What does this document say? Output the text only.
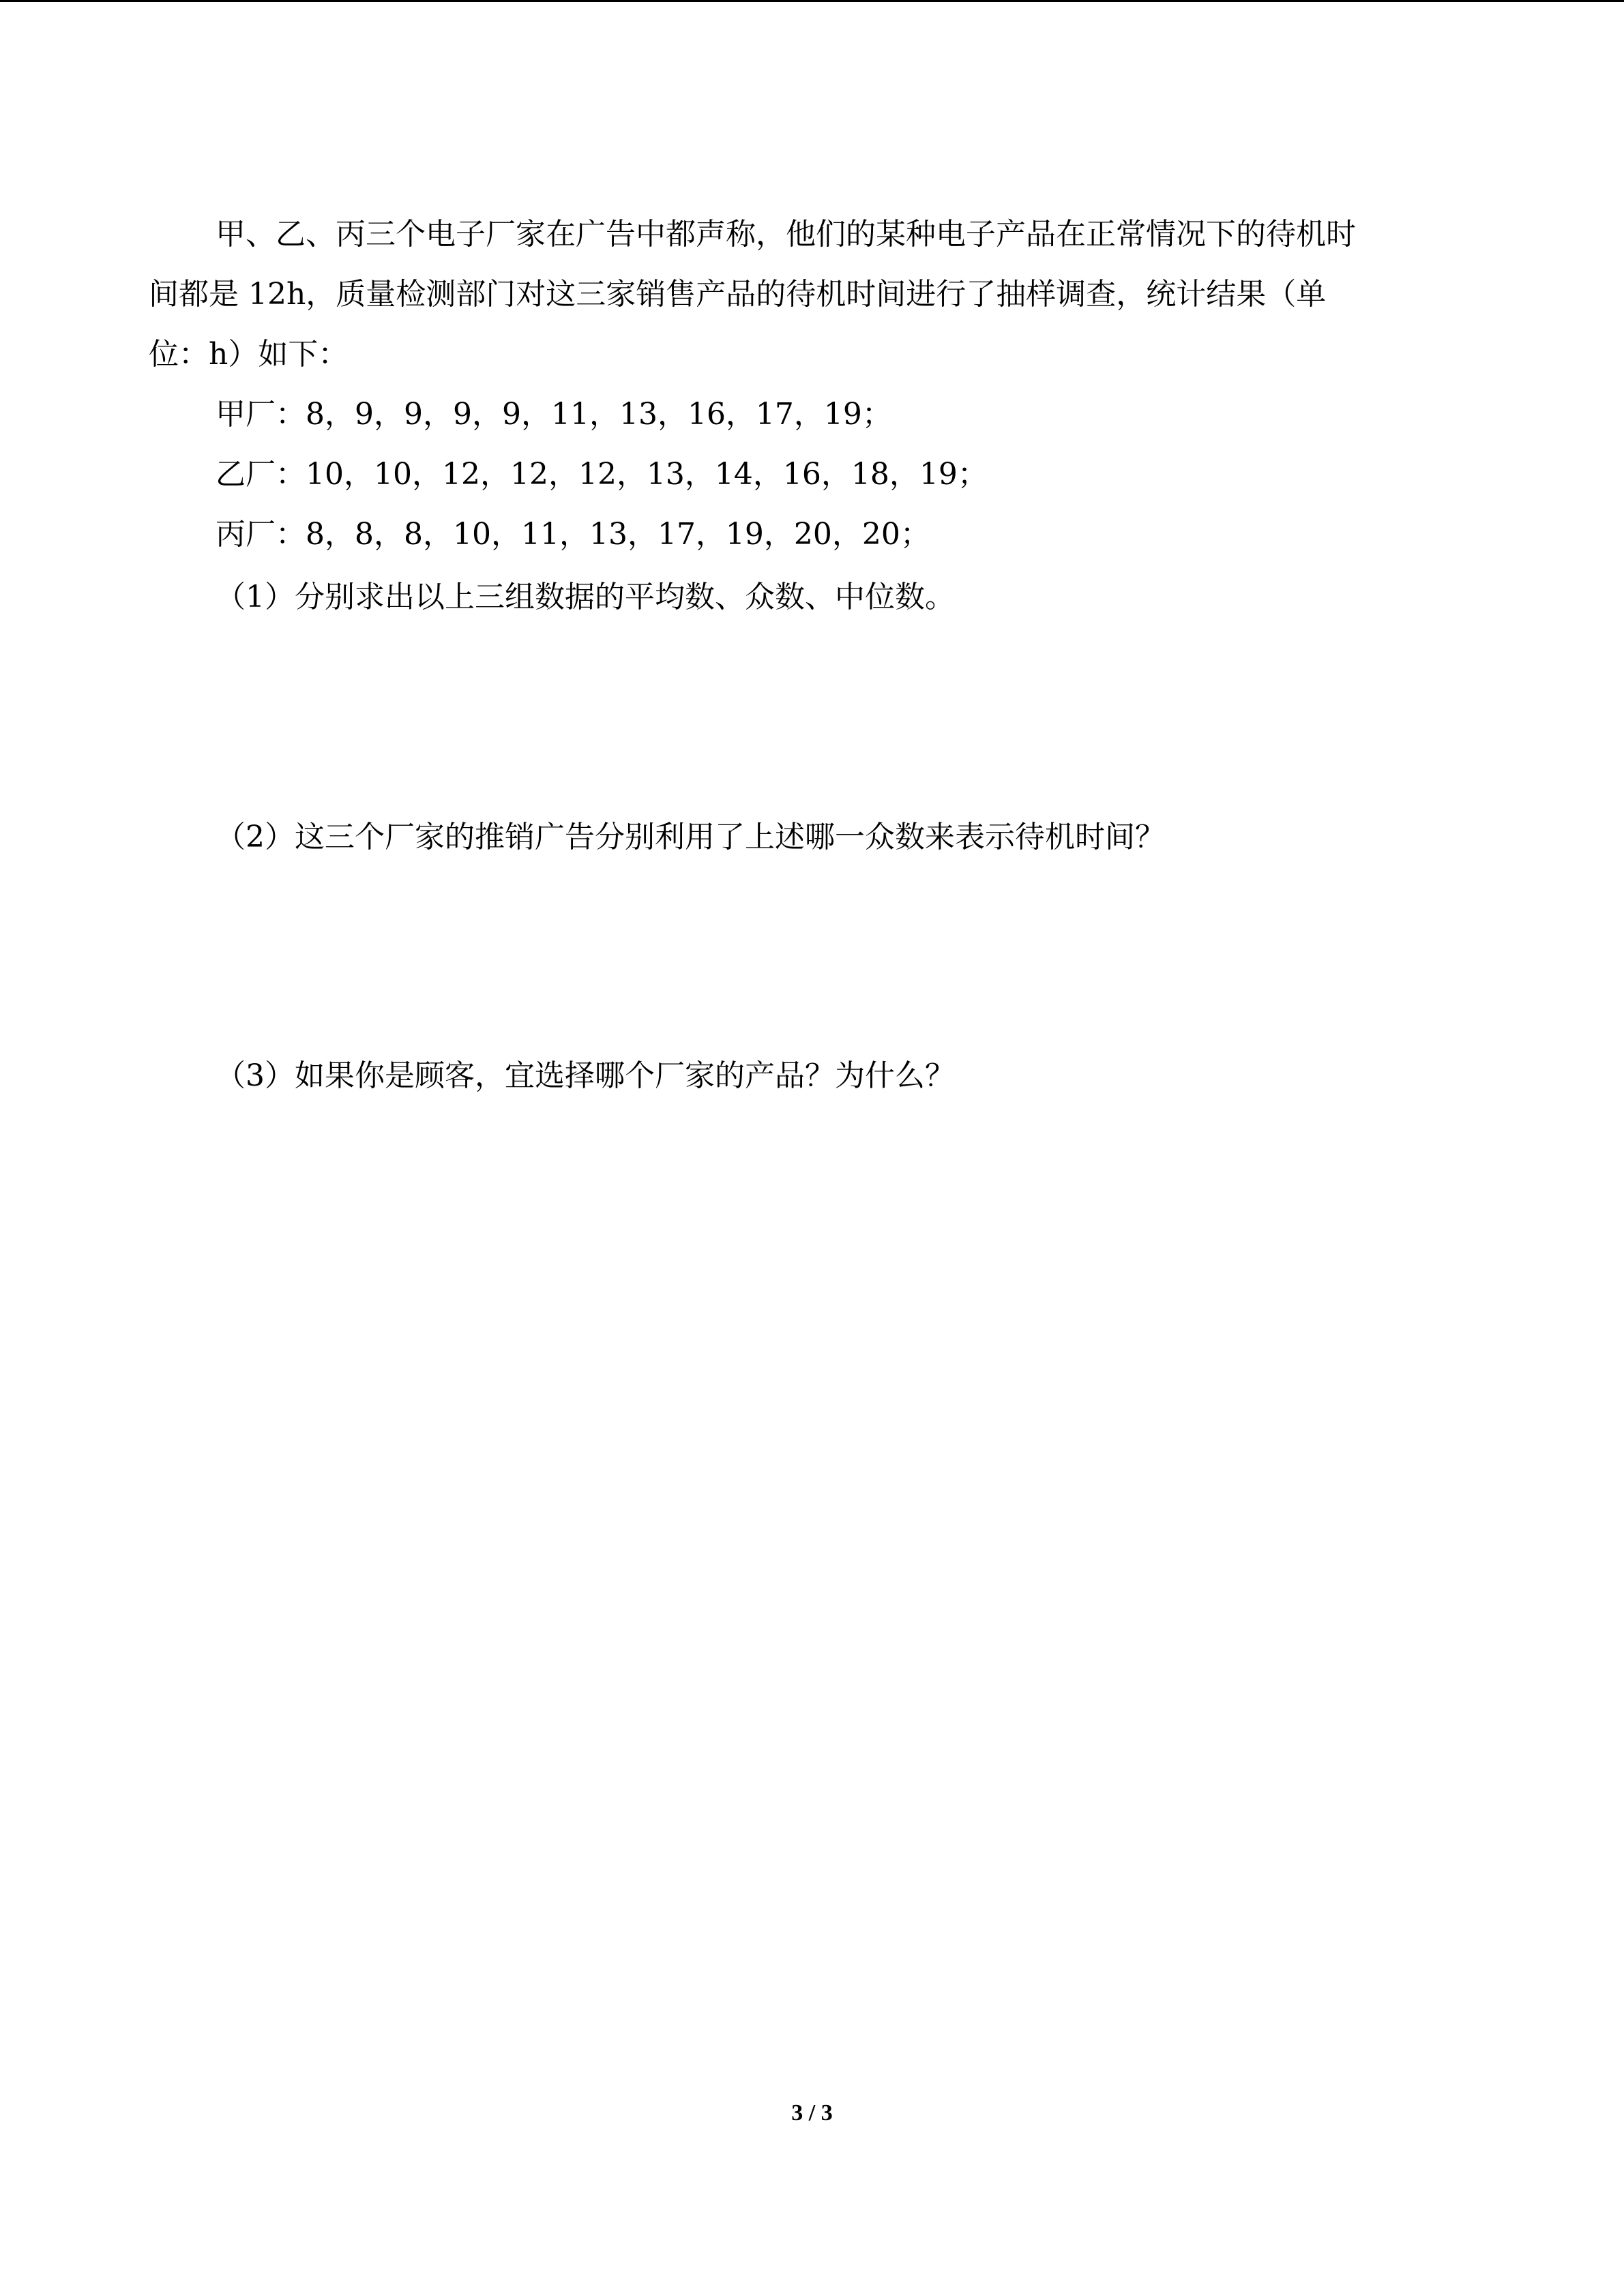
甲、乙、丙三个电子厂家在广告中都声称，他们的某种电子产品在正常情况下的待机时
间都是 12h，质量检测部门对这三家销售产品的待机时间进行了抽样调查，统计结果（单
位：h）如下：
甲厂：8，9，9，9，9，11，13，16，17，19；
乙厂：10，10，12，12，12，13，14，16，18，19；
丙厂：8，8，8，10，11，13，17，19，20，20；
（1）分别求出以上三组数据的平均数、众数、中位数。
（2）这三个厂家的推销广告分别利用了上述哪一众数来表示待机时间？
（3）如果你是顾客，宜选择哪个厂家的产品？为什么？
3 / 3
